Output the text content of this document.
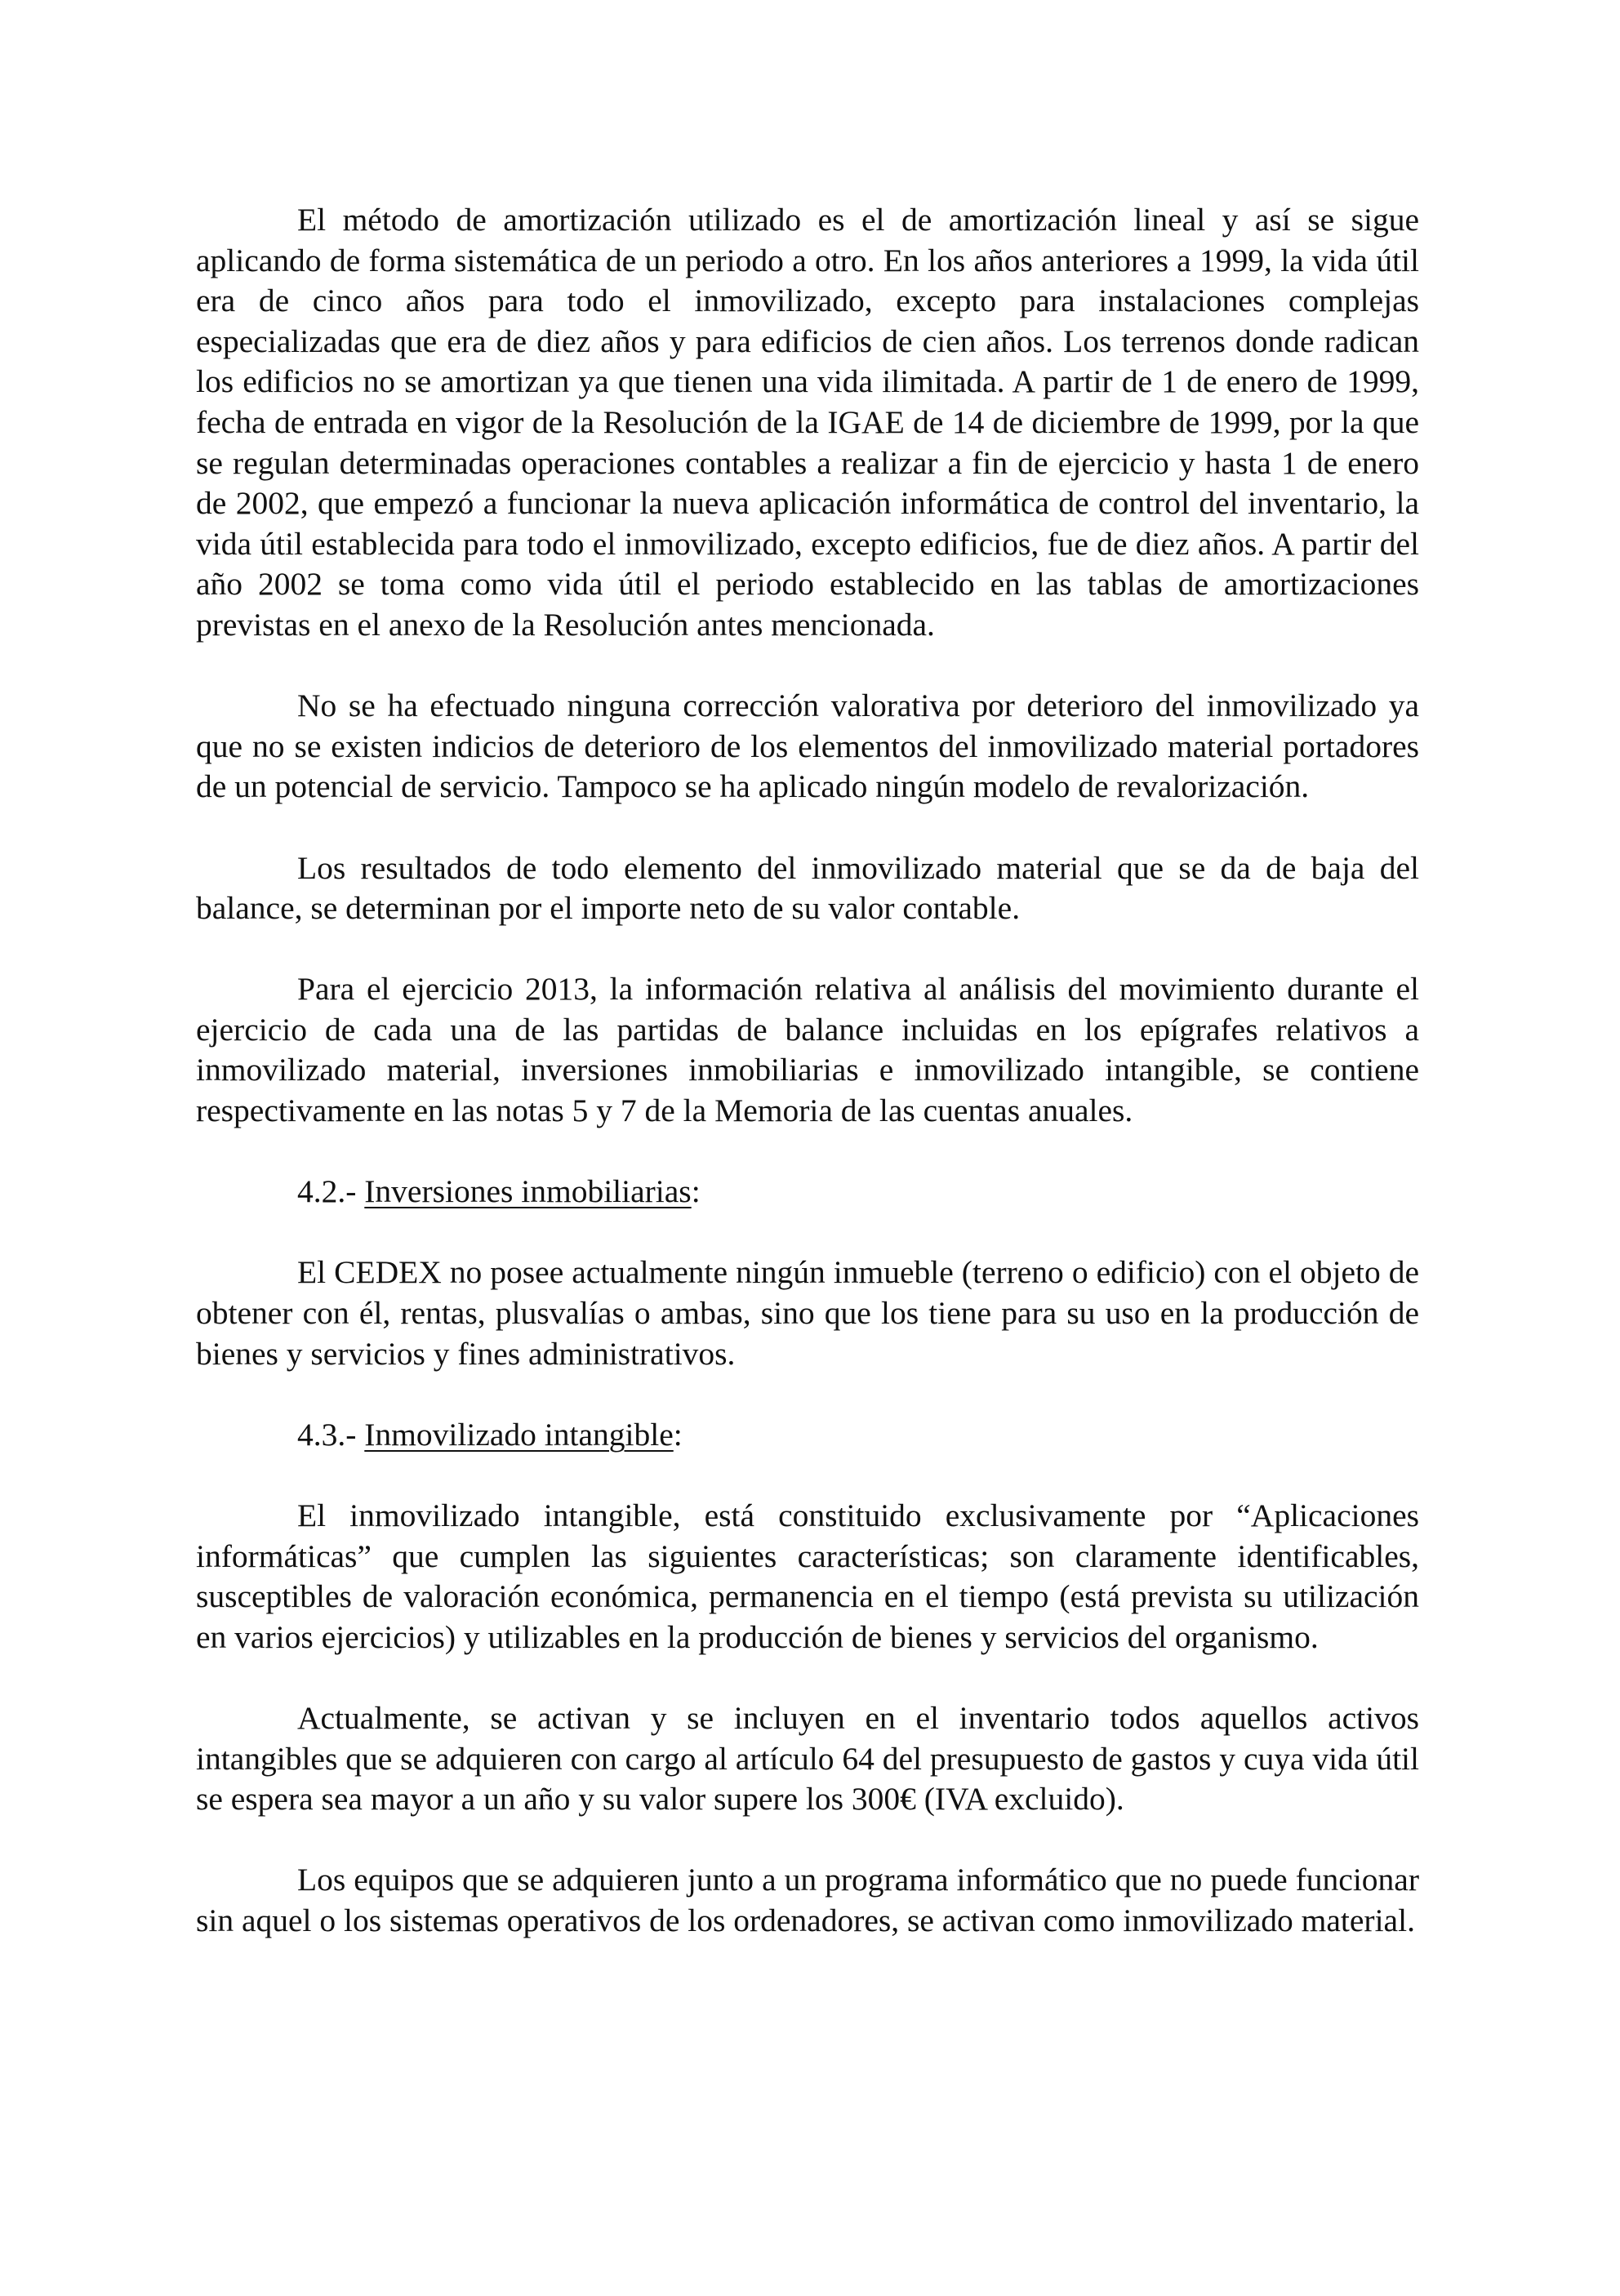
El método de amortización utilizado es el de amortización lineal y así se sigue aplicando de forma sistemática de un periodo a otro. En los años anteriores a 1999, la vida útil era de cinco años para todo el inmovilizado, excepto para instalaciones complejas especializadas que era de diez años y para edificios de cien años. Los terrenos donde radican los edificios no se amortizan ya que tienen una vida ilimitada. A partir de 1 de enero de 1999, fecha de entrada en vigor de la Resolución de la IGAE de 14 de diciembre de 1999, por la que se regulan determinadas operaciones contables a realizar a fin de ejercicio y hasta 1 de enero de 2002, que empezó a funcionar la nueva aplicación informática de control del inventario, la vida útil establecida para todo el inmovilizado, excepto edificios, fue de diez años. A partir del año 2002 se toma como vida útil el periodo establecido en las tablas de amortizaciones previstas en el anexo de la Resolución antes mencionada.

No se ha efectuado ninguna corrección valorativa por deterioro del inmovilizado ya que no se existen indicios de deterioro de los elementos del inmovilizado material portadores de un potencial de servicio. Tampoco se ha aplicado ningún modelo de revalorización.

Los resultados de todo elemento del inmovilizado material que se da de baja del balance, se determinan por el importe neto de su valor contable.

Para el ejercicio 2013, la información relativa al análisis del movimiento durante el ejercicio de cada una de las partidas de balance incluidas en los epígrafes relativos a inmovilizado material, inversiones inmobiliarias e inmovilizado intangible, se contiene respectivamente en las notas 5 y 7 de la Memoria de las cuentas anuales.

4.2.- Inversiones inmobiliarias:

El CEDEX no posee actualmente ningún inmueble (terreno o edificio) con el objeto de obtener con él, rentas, plusvalías o ambas, sino que los tiene para su uso en la producción de bienes y servicios y fines administrativos.

4.3.- Inmovilizado intangible:

El inmovilizado intangible, está constituido exclusivamente por “Aplicaciones informáticas” que cumplen las siguientes características; son claramente identificables, susceptibles de valoración económica, permanencia en el tiempo (está prevista su utilización en varios ejercicios) y utilizables en la producción de bienes y servicios del organismo.

Actualmente, se activan y se incluyen en el inventario todos aquellos activos intangibles que se adquieren con cargo al artículo 64 del presupuesto de gastos y cuya vida útil se espera sea mayor a un año y su valor supere los 300€ (IVA excluido).

Los equipos que se adquieren junto a un programa informático que no puede funcionar sin aquel o los sistemas operativos de los ordenadores, se activan como inmovilizado material.
